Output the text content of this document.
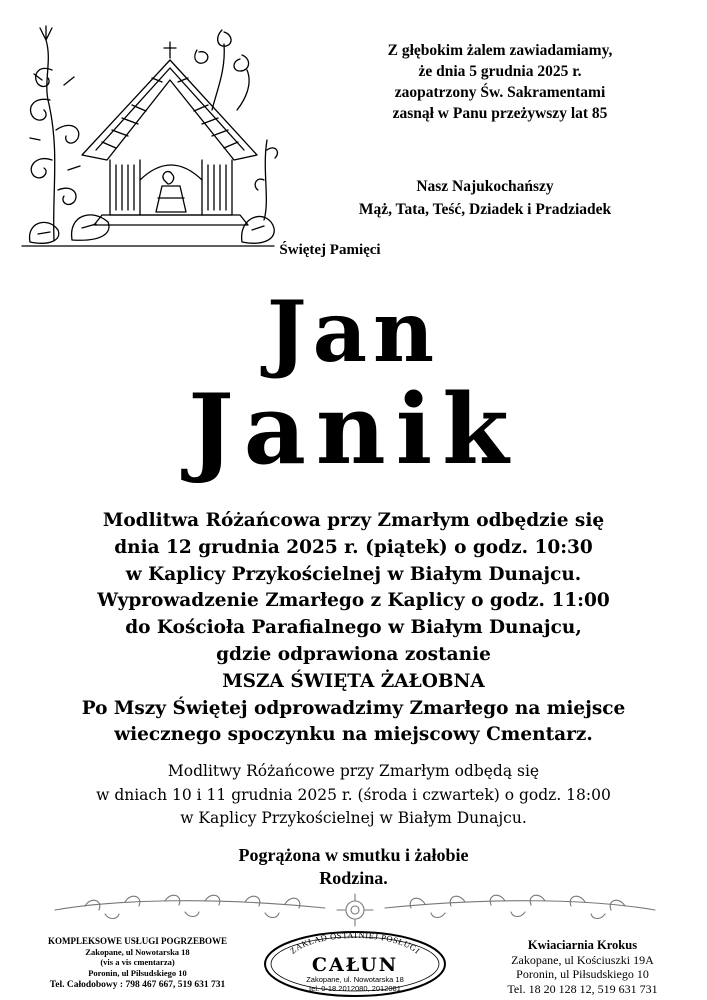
Z głębokim żalem zawiadamiamy,
że dnia 5 grudnia 2025 r.
zaopatrzony Św. Sakramentami
zasnął w Panu przeżywszy lat 85
Nasz Najukochańszy
Mąż, Tata, Teść, Dziadek i Pradziadek
Świętej Pamięci
Jan
Janik
Modlitwa Różańcowa przy Zmarłym odbędzie się
dnia 12 grudnia 2025 r. (piątek) o godz. 10:30
w Kaplicy Przykościelnej w Białym Dunajcu.
Wyprowadzenie Zmarłego z Kaplicy o godz. 11:00
do Kościoła Parafialnego w Białym Dunajcu,
gdzie odprawiona zostanie
MSZA ŚWIĘTA ŻAŁOBNA
Po Mszy Świętej odprowadzimy Zmarłego na miejsce
wiecznego spoczynku na miejscowy Cmentarz.
Modlitwy Różańcowe przy Zmarłym odbędą się
w dniach 10 i 11 grudnia 2025 r. (środa i czwartek) o godz. 18:00
w Kaplicy Przykościelnej w Białym Dunajcu.
Pogrążona w smutku i żałobie
Rodzina.
KOMPLEKSOWE USŁUGI POGRZEBOWE
Zakopane, ul Nowotarska 18
(vis a vis cmentarza)
Poronin, ul Piłsudskiego 10
Tel. Całodobowy : 798 467 667, 519 631 731
ZAKŁAD OSTATNIEJ POSŁUGI
CAŁUN
Zakopane, ul. Nowotarska 18
tel. 0-18 2012080, 2012081
Kwiaciarnia Krokus
Zakopane, ul Kościuszki 19A
Poronin, ul Piłsudskiego 10
Tel. 18 20 128 12, 519 631 731
